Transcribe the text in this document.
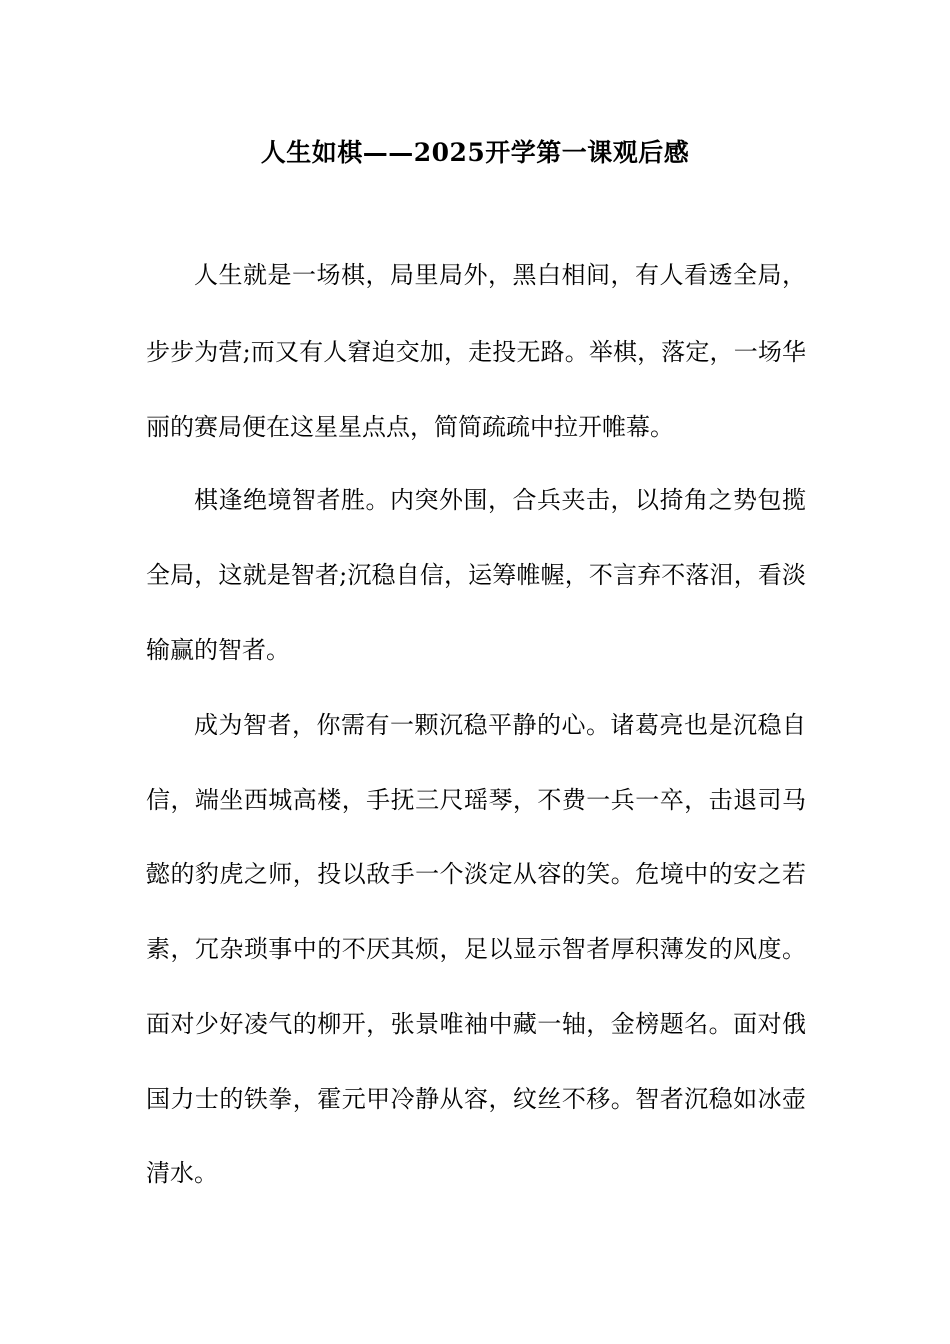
人生如棋——2025开学第一课观后感
人生就是一场棋，局里局外，黑白相间，有人看透全局，
步步为营;而又有人窘迫交加，走投无路。举棋，落定，一场华
丽的赛局便在这星星点点，简简疏疏中拉开帷幕。
棋逢绝境智者胜。内突外围，合兵夹击，以掎角之势包揽
全局，这就是智者;沉稳自信，运筹帷幄，不言弃不落泪，看淡
输赢的智者。
成为智者，你需有一颗沉稳平静的心。诸葛亮也是沉稳自
信，端坐西城高楼，手抚三尺瑶琴，不费一兵一卒，击退司马
懿的豹虎之师，投以敌手一个淡定从容的笑。危境中的安之若
素，冗杂琐事中的不厌其烦，足以显示智者厚积薄发的风度。
面对少好凌气的柳开，张景唯袖中藏一轴，金榜题名。面对俄
国力士的铁拳，霍元甲冷静从容，纹丝不移。智者沉稳如冰壶
清水。
